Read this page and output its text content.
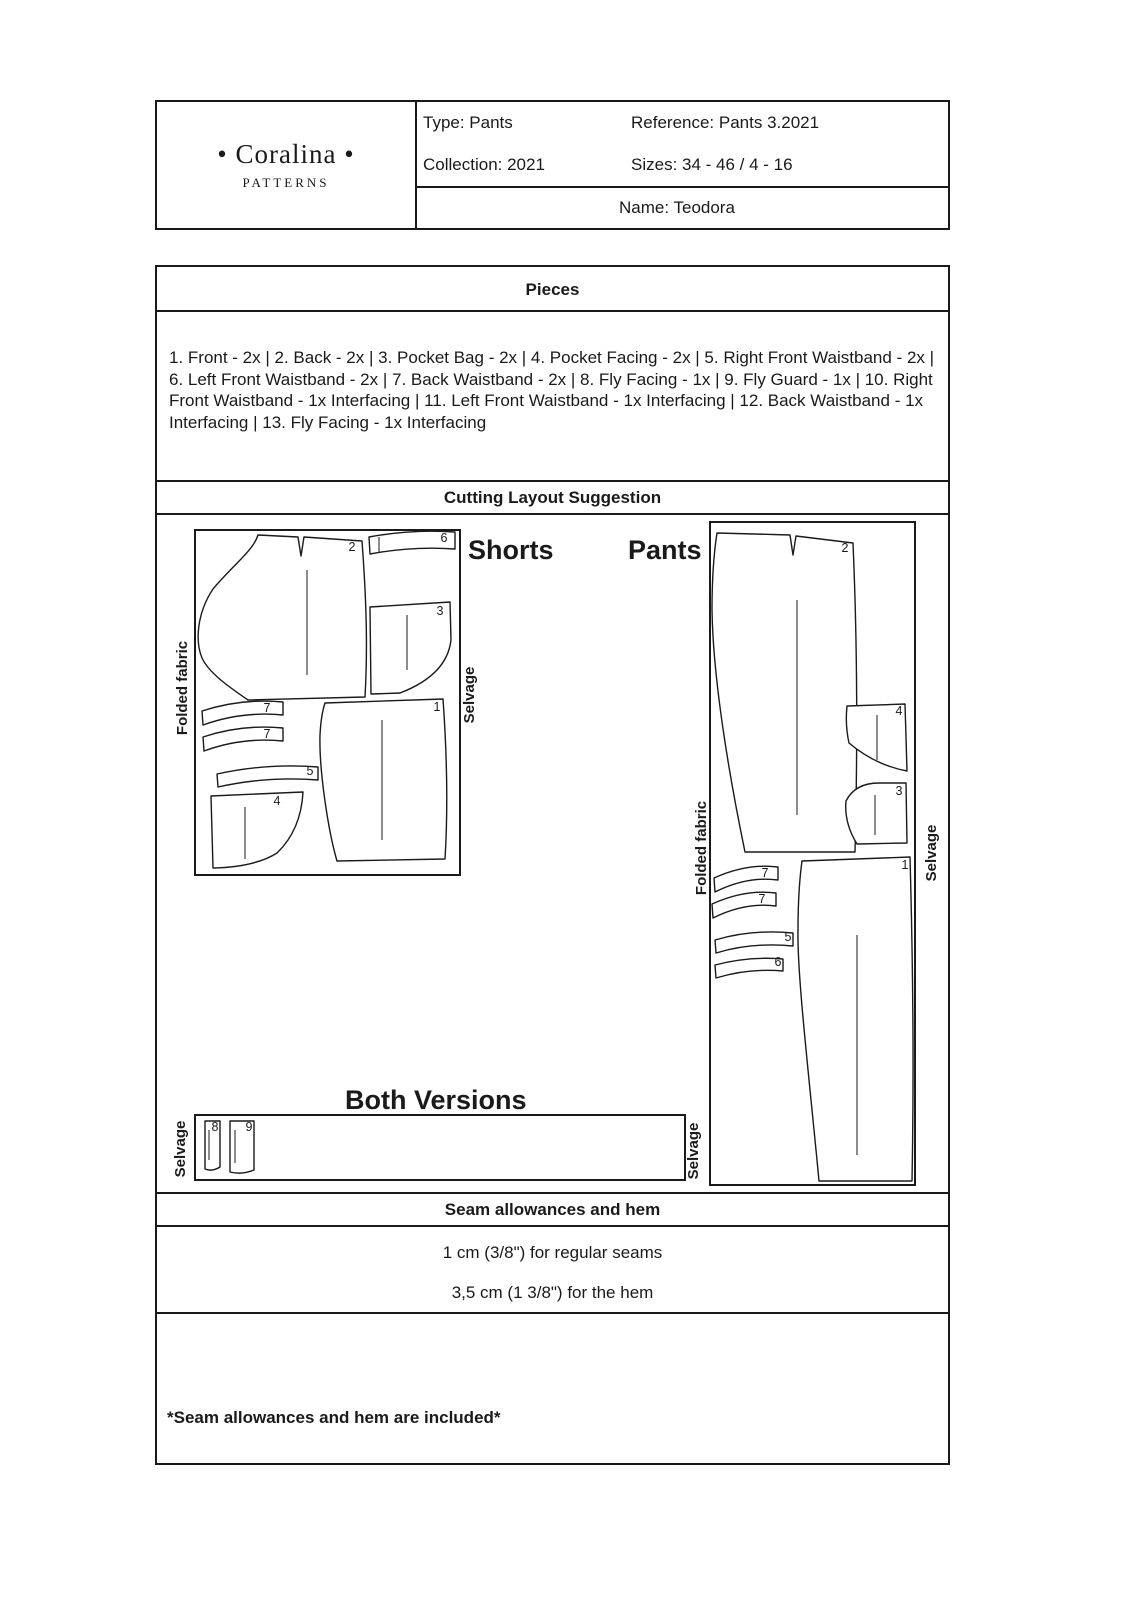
• Coralina •
PATTERNS
Type: Pants	Reference: Pants 3.2021
Collection: 2021	Sizes: 34 - 46 / 4 - 16
Name: Teodora
Pieces
1. Front - 2x | 2. Back - 2x | 3. Pocket Bag - 2x | 4. Pocket Facing - 2x | 5. Right Front Waistband - 2x | 6. Left Front Waistband - 2x | 7. Back Waistband - 2x | 8. Fly Facing - 1x | 9. Fly Guard - 1x | 10. Right Front Waistband - 1x Interfacing | 11. Left Front Waistband - 1x Interfacing | 12. Back Waistband - 1x Interfacing | 13. Fly Facing - 1x Interfacing
Cutting Layout Suggestion
Shorts	Pants
Both Versions
Folded fabric	Selvage
Folded fabric	Selvage
Selvage	Selvage
2
6
3
7
7
5
4
1
2
4
3
7
7
5
6
1
8 9
Seam allowances and hem
1 cm (3/8") for regular seams
3,5 cm (1 3/8") for the hem
*Seam allowances and hem are included*
